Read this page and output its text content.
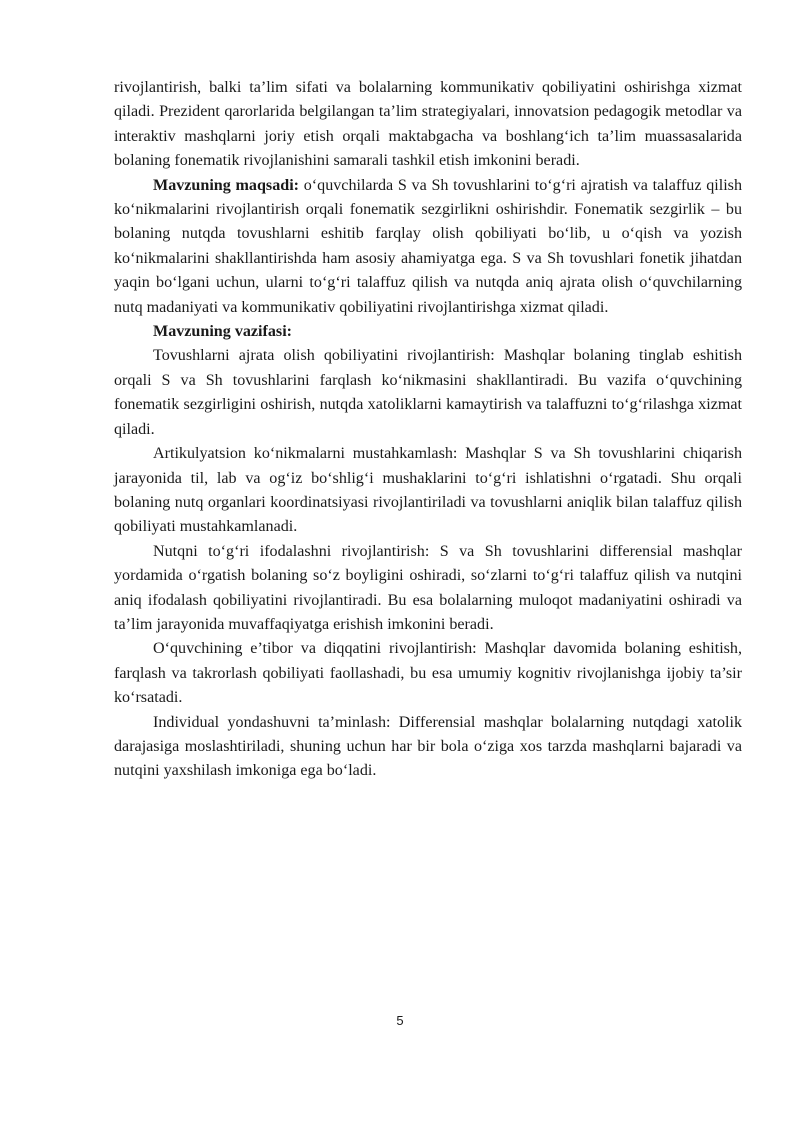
rivojlantirish, balki ta’lim sifati va bolalarning kommunikativ qobiliyatini oshirishga xizmat qiladi. Prezident qarorlarida belgilangan ta’lim strategiyalari, innovatsion pedagogik metodlar va interaktiv mashqlarni joriy etish orqali maktabgacha va boshlang‘ich ta’lim muassasalarida bolaning fonematik rivojlanishini samarali tashkil etish imkonini beradi.

Mavzuning maqsadi: o‘quvchilarda S va Sh tovushlarini to‘g‘ri ajratish va talaffuz qilish ko‘nikmalarini rivojlantirish orqali fonematik sezgirlikni oshirishdir. Fonematik sezgirlik – bu bolaning nutqda tovushlarni eshitib farqlay olish qobiliyati bo‘lib, u o‘qish va yozish ko‘nikmalarini shakllantirishda ham asosiy ahamiyatga ega. S va Sh tovushlari fonetik jihatdan yaqin bo‘lgani uchun, ularni to‘g‘ri talaffuz qilish va nutqda aniq ajrata olish o‘quvchilarning nutq madaniyati va kommunikativ qobiliyatini rivojlantirishga xizmat qiladi.

Mavzuning vazifasi:

Tovushlarni ajrata olish qobiliyatini rivojlantirish: Mashqlar bolaning tinglab eshitish orqali S va Sh tovushlarini farqlash ko‘nikmasini shakllantiradi. Bu vazifa o‘quvchining fonematik sezgirligini oshirish, nutqda xatoliklarni kamaytirish va talaffuzni to‘g‘rilashga xizmat qiladi.

Artikulyatsion ko‘nikmalarni mustahkamlash: Mashqlar S va Sh tovushlarini chiqarish jarayonida til, lab va og‘iz bo‘shlig‘i mushaklarini to‘g‘ri ishlatishni o‘rgatadi. Shu orqali bolaning nutq organlari koordinatsiyasi rivojlantiriladi va tovushlarni aniqlik bilan talaffuz qilish qobiliyati mustahkamlanadi.

Nutqni to‘g‘ri ifodalashni rivojlantirish: S va Sh tovushlarini differensial mashqlar yordamida o‘rgatish bolaning so‘z boyligini oshiradi, so‘zlarni to‘g‘ri talaffuz qilish va nutqini aniq ifodalash qobiliyatini rivojlantiradi. Bu esa bolalarning muloqot madaniyatini oshiradi va ta’lim jarayonida muvaffaqiyatga erishish imkonini beradi.

O‘quvchining e’tibor va diqqatini rivojlantirish: Mashqlar davomida bolaning eshitish, farqlash va takrorlash qobiliyati faollashadi, bu esa umumiy kognitiv rivojlanishga ijobiy ta’sir ko‘rsatadi.

Individual yondashuvni ta’minlash: Differensial mashqlar bolalarning nutqdagi xatolik darajasiga moslashtiriladi, shuning uchun har bir bola o‘ziga xos tarzda mashqlarni bajaradi va nutqini yaxshilash imkoniga ega bo‘ladi.

5
